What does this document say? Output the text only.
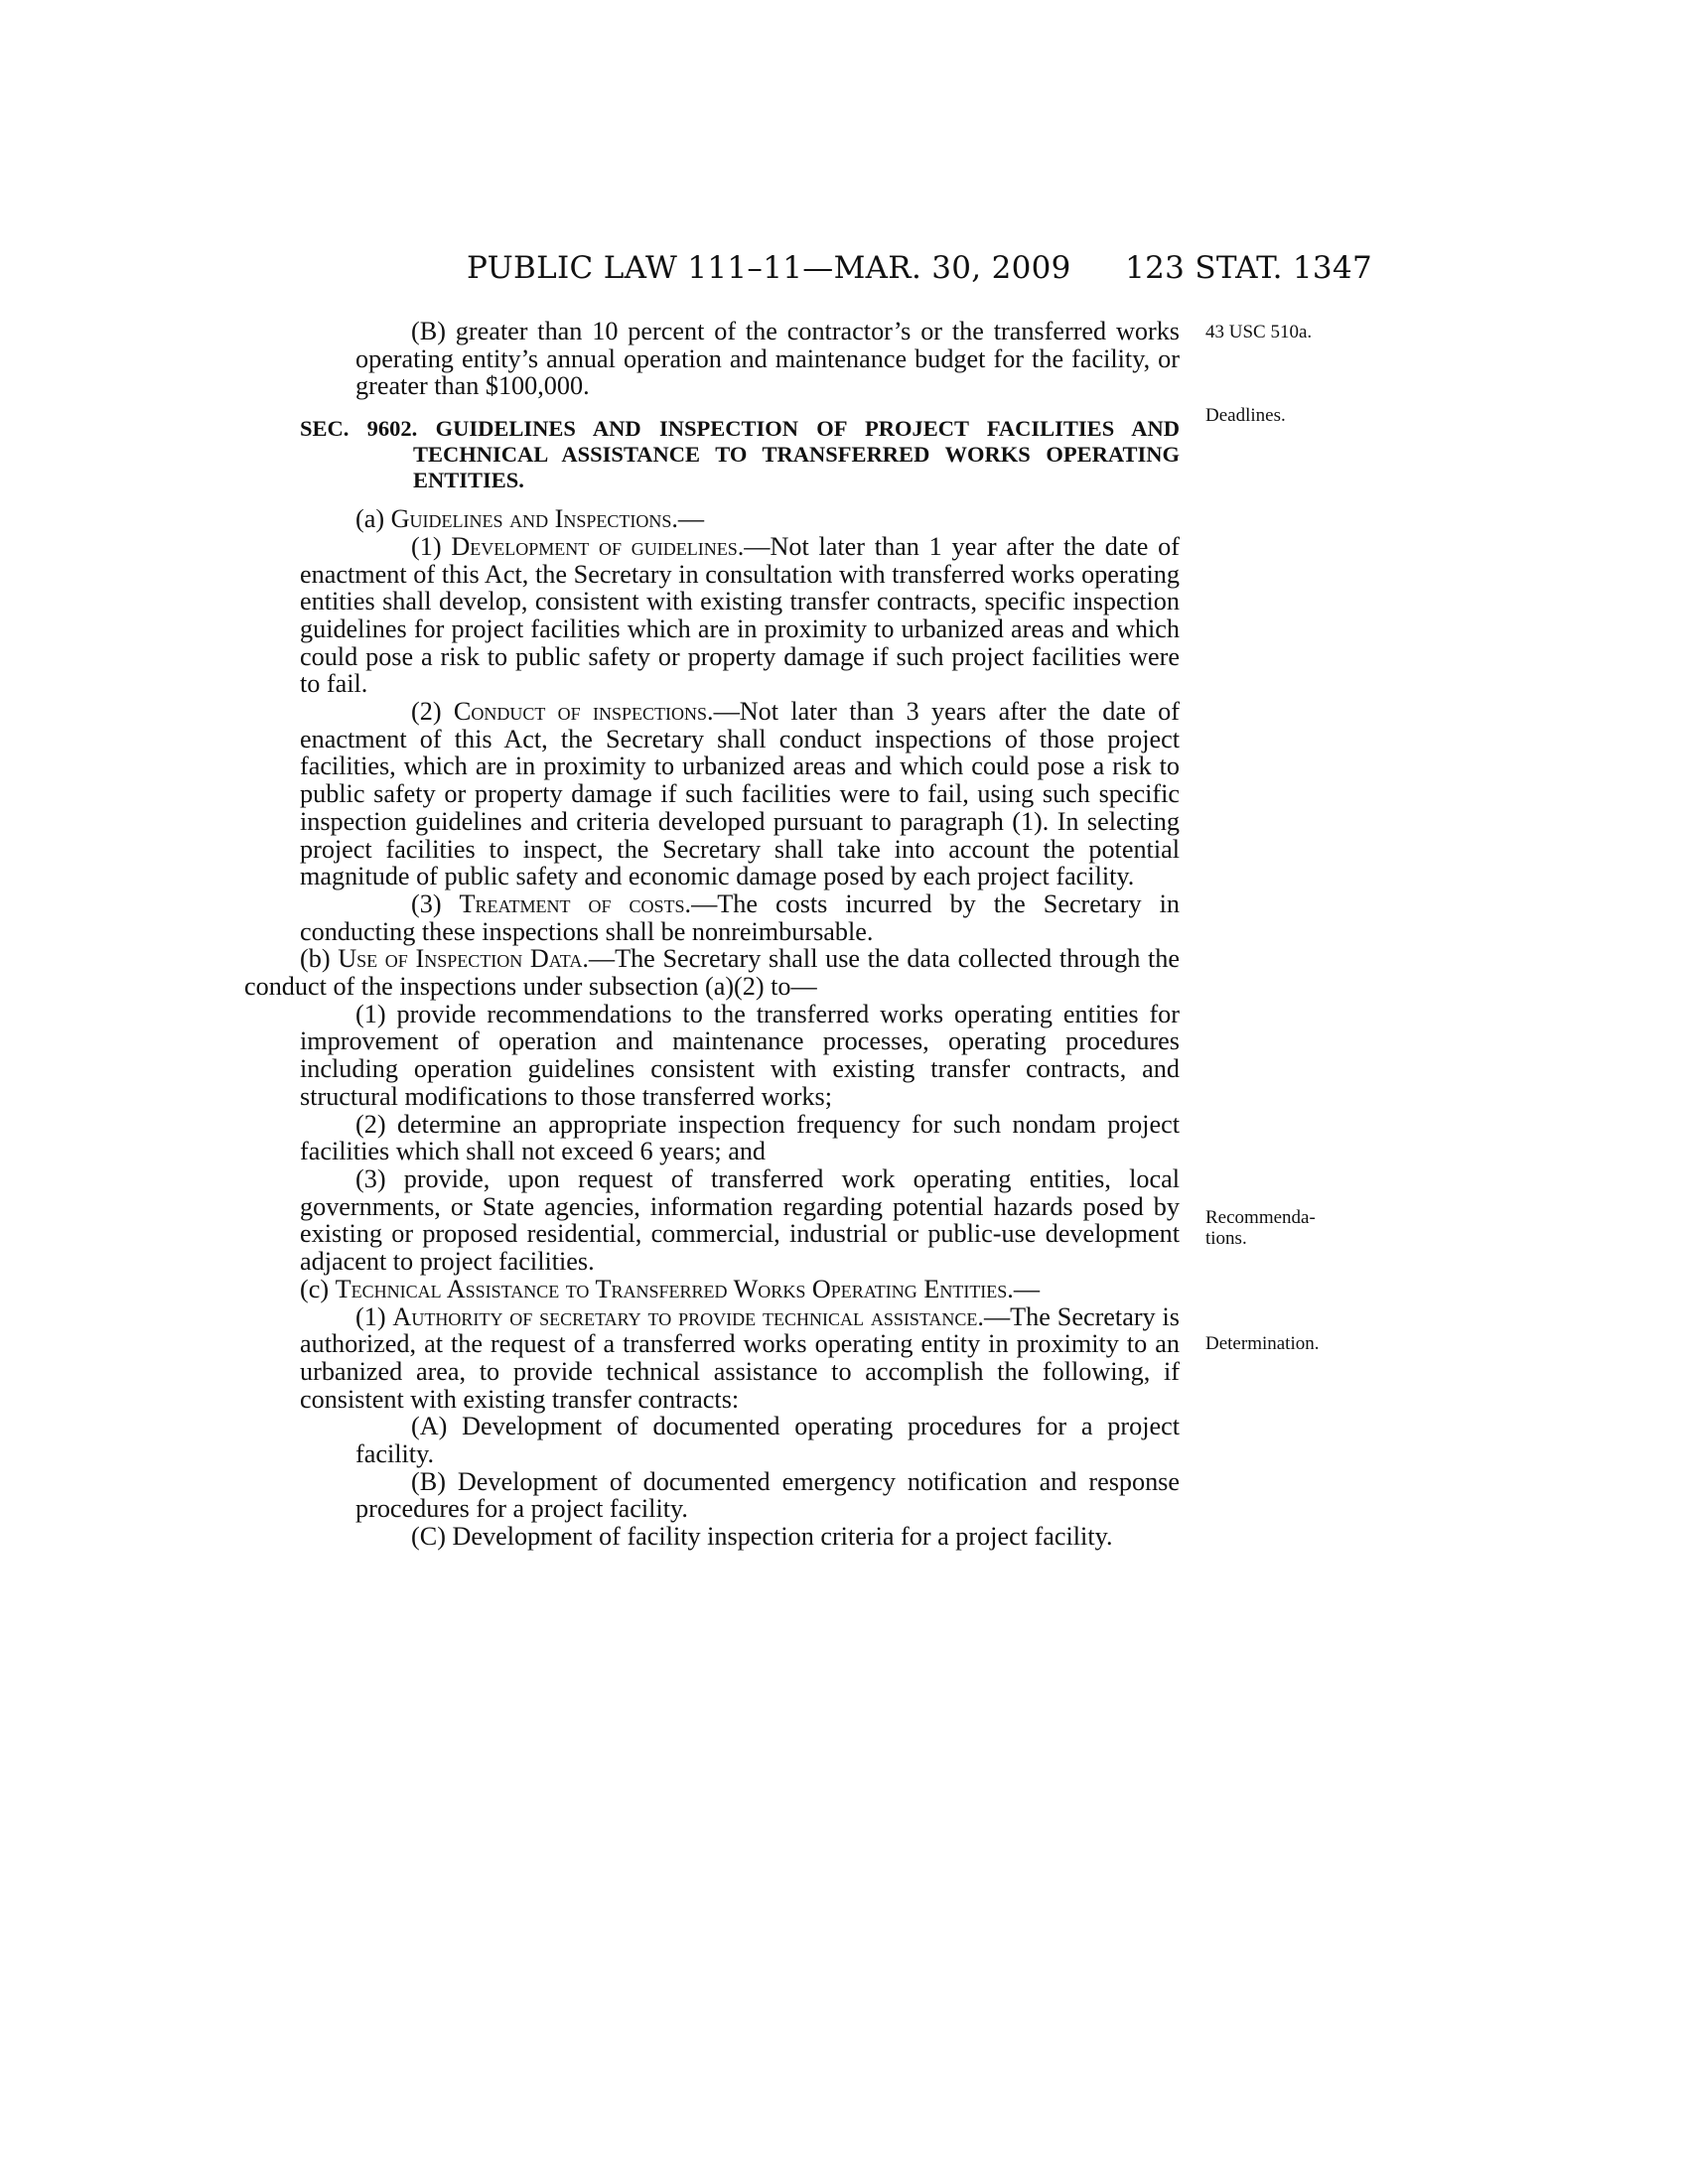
PUBLIC LAW 111–11—MAR. 30, 2009 123 STAT. 1347
43 USC 510a.
Deadlines.
Recommenda-
tions.
Determination.

(B) greater than 10 percent of the contractor’s or the transferred works operating entity’s annual operation and maintenance budget for the facility, or greater than $100,000.

SEC. 9602. GUIDELINES AND INSPECTION OF PROJECT FACILITIES AND TECHNICAL ASSISTANCE TO TRANSFERRED WORKS OPERATING ENTITIES.

(a) Guidelines and Inspections.—

(1) Development of guidelines.—Not later than 1 year after the date of enactment of this Act, the Secretary in consultation with transferred works operating entities shall develop, consistent with existing transfer contracts, specific inspection guidelines for project facilities which are in proximity to urbanized areas and which could pose a risk to public safety or property damage if such project facilities were to fail.

(2) Conduct of inspections.—Not later than 3 years after the date of enactment of this Act, the Secretary shall conduct inspections of those project facilities, which are in proximity to urbanized areas and which could pose a risk to public safety or property damage if such facilities were to fail, using such specific inspection guidelines and criteria developed pursuant to paragraph (1). In selecting project facilities to inspect, the Secretary shall take into account the potential magnitude of public safety and economic damage posed by each project facility.

(3) Treatment of costs.—The costs incurred by the Secretary in conducting these inspections shall be nonreimbursable.

(b) Use of Inspection Data.—The Secretary shall use the data collected through the conduct of the inspections under subsection (a)(2) to—

(1) provide recommendations to the transferred works operating entities for improvement of operation and maintenance processes, operating procedures including operation guidelines consistent with existing transfer contracts, and structural modifications to those transferred works;

(2) determine an appropriate inspection frequency for such nondam project facilities which shall not exceed 6 years; and

(3) provide, upon request of transferred work operating entities, local governments, or State agencies, information regarding potential hazards posed by existing or proposed residential, commercial, industrial or public-use development adjacent to project facilities.

(c) Technical Assistance to Transferred Works Operating Entities.—

(1) Authority of secretary to provide technical assistance.—The Secretary is authorized, at the request of a transferred works operating entity in proximity to an urbanized area, to provide technical assistance to accomplish the following, if consistent with existing transfer contracts:

(A) Development of documented operating procedures for a project facility.

(B) Development of documented emergency notification and response procedures for a project facility.

(C) Development of facility inspection criteria for a project facility.
